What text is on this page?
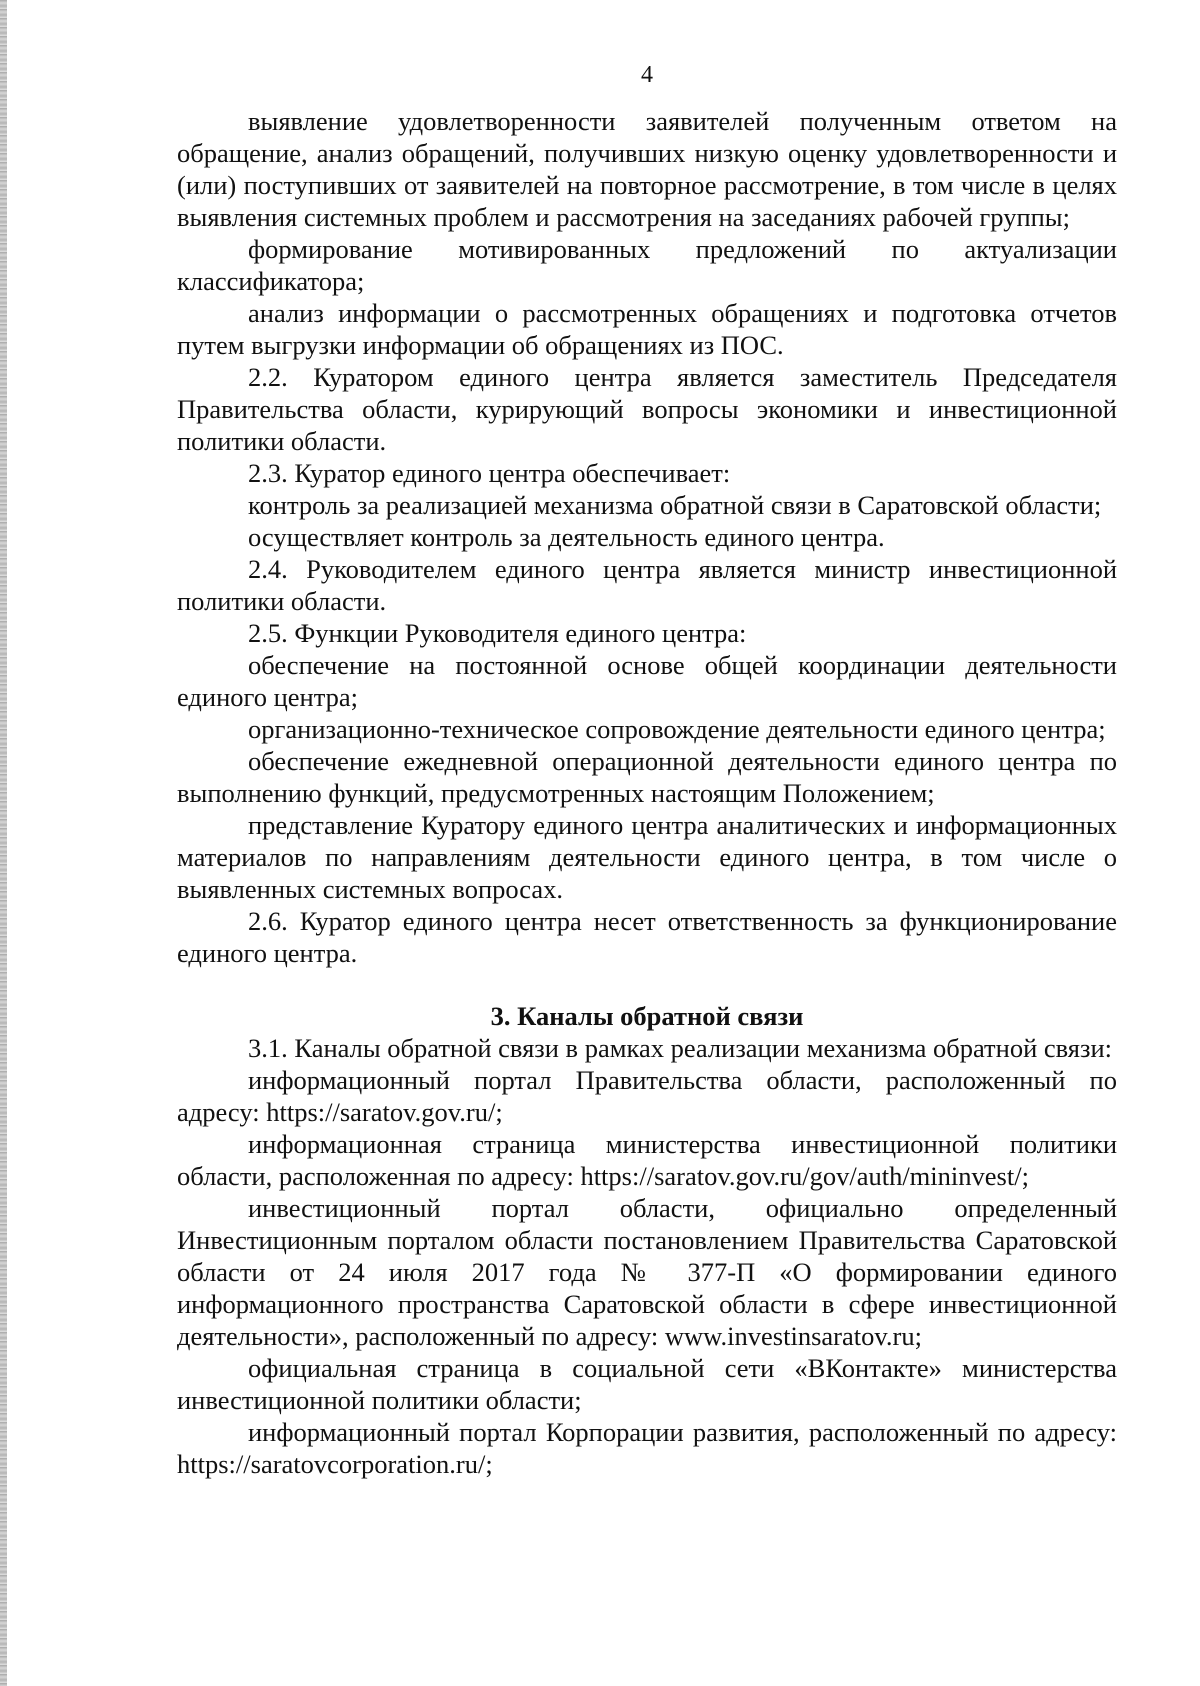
4

выявление удовлетворенности заявителей полученным ответом на обращение, анализ обращений, получивших низкую оценку удовлетворенности и (или) поступивших от заявителей на повторное рассмотрение, в том числе в целях выявления системных проблем и рассмотрения на заседаниях рабочей группы;

формирование мотивированных предложений по актуализации классификатора;

анализ информации о рассмотренных обращениях и подготовка отчетов путем выгрузки информации об обращениях из ПОС.

2.2. Куратором единого центра является заместитель Председателя Правительства области, курирующий вопросы экономики и инвестиционной политики области.

2.3. Куратор единого центра обеспечивает:

контроль за реализацией механизма обратной связи в Саратовской области;

осуществляет контроль за деятельность единого центра.

2.4. Руководителем единого центра является министр инвестиционной политики области.

2.5. Функции Руководителя единого центра:

обеспечение на постоянной основе общей координации деятельности единого центра;

организационно-техническое сопровождение деятельности единого центра;

обеспечение ежедневной операционной деятельности единого центра по выполнению функций, предусмотренных настоящим Положением;

представление Куратору единого центра аналитических и информационных материалов по направлениям деятельности единого центра, в том числе о выявленных системных вопросах.

2.6. Куратор единого центра несет ответственность за функционирование единого центра.

3. Каналы обратной связи

3.1. Каналы обратной связи в рамках реализации механизма обратной связи:

информационный портал Правительства области, расположенный по адресу: https://saratov.gov.ru/;

информационная страница министерства инвестиционной политики области, расположенная по адресу: https://saratov.gov.ru/gov/auth/mininvest/;

инвестиционный портал области, официально определенный Инвестиционным порталом области постановлением Правительства Саратовской области от 24 июля 2017 года № 377-П «О формировании единого информационного пространства Саратовской области в сфере инвестиционной деятельности», расположенный по адресу: www.investinsaratov.ru;

официальная страница в социальной сети «ВКонтакте» министерства инвестиционной политики области;

информационный портал Корпорации развития, расположенный по адресу: https://saratovcorporation.ru/;
